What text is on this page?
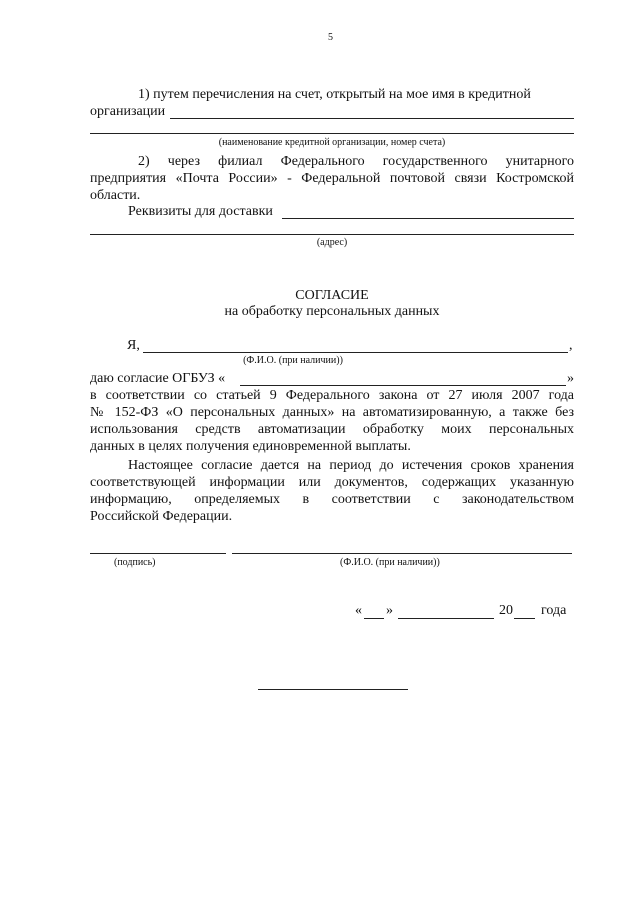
5
1) путем перечисления на счет, открытый на мое имя в кредитной
организации
(наименование кредитной организации, номер счета)
2) через филиал Федерального государственного унитарного
предприятия «Почта России» - Федеральной почтовой связи Костромской
области.
Реквизиты для доставки
(адрес)
СОГЛАСИЕ
на обработку персональных данных
Я,	,
(Ф.И.О. (при наличии))
даю согласие ОГБУЗ «	»
в соответствии со статьей 9 Федерального закона от 27 июля 2007 года
№ 152-ФЗ «О персональных данных» на автоматизированную, а также без
использования средств автоматизации обработку моих персональных
данных в целях получения единовременной выплаты.
Настоящее согласие дается на период до истечения сроков хранения
соответствующей информации или документов, содержащих указанную
информацию, определяемых в соответствии с законодательством
Российской Федерации.
(подпись)	(Ф.И.О. (при наличии))
« »	20 года
